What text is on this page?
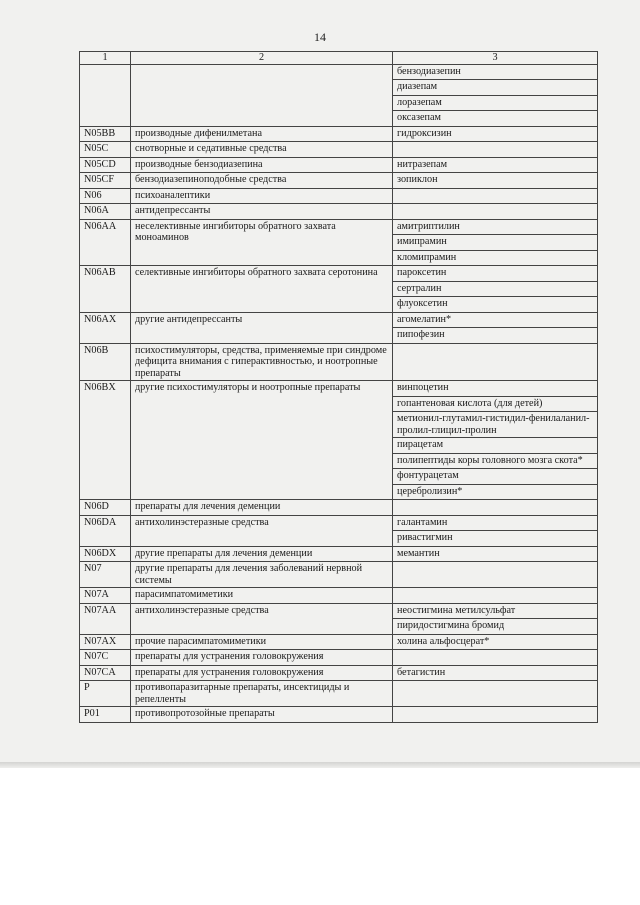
14
1	2	3
		бензодиазепин
		диазепам
		лоразепам
		оксазепам
N05BB	производные дифенилметана	гидроксизин
N05C	снотворные и седативные средства	
N05CD	производные бензодиазепина	нитразепам
N05CF	бензодиазепиноподобные средства	зопиклон
N06	психоаналептики	
N06A	антидепрессанты	
N06AA	неселективные ингибиторы обратного захвата моноаминов	амитриптилин
		имипрамин
		кломипрамин
N06AB	селективные ингибиторы обратного захвата серотонина	пароксетин
		сертралин
		флуоксетин
N06AX	другие антидепрессанты	агомелатин*
		пипофезин
N06B	психостимуляторы, средства, применяемые при синдроме дефицита внимания с гиперактивностью, и ноотропные препараты	
N06BX	другие психостимуляторы и ноотропные препараты	винпоцетин
		гопантеновая кислота (для детей)
		метионил-глутамил-гистидил-фенилаланил-пролил-глицил-пролин
		пирацетам
		полипептиды коры головного мозга скота*
		фонтурацетам
		церебролизин*
N06D	препараты для лечения деменции	
N06DA	антихолинэстеразные средства	галантамин
		ривастигмин
N06DX	другие препараты для лечения деменции	мемантин
N07	другие препараты для лечения заболеваний нервной системы	
N07A	парасимпатомиметики	
N07AA	антихолинэстеразные средства	неостигмина метилсульфат
		пиридостигмина бромид
N07AX	прочие парасимпатомиметики	холина альфосцерат*
N07C	препараты для устранения головокружения	
N07CA	препараты для устранения головокружения	бетагистин
P	противопаразитарные препараты, инсектициды и репелленты	
P01	противопротозойные препараты	
